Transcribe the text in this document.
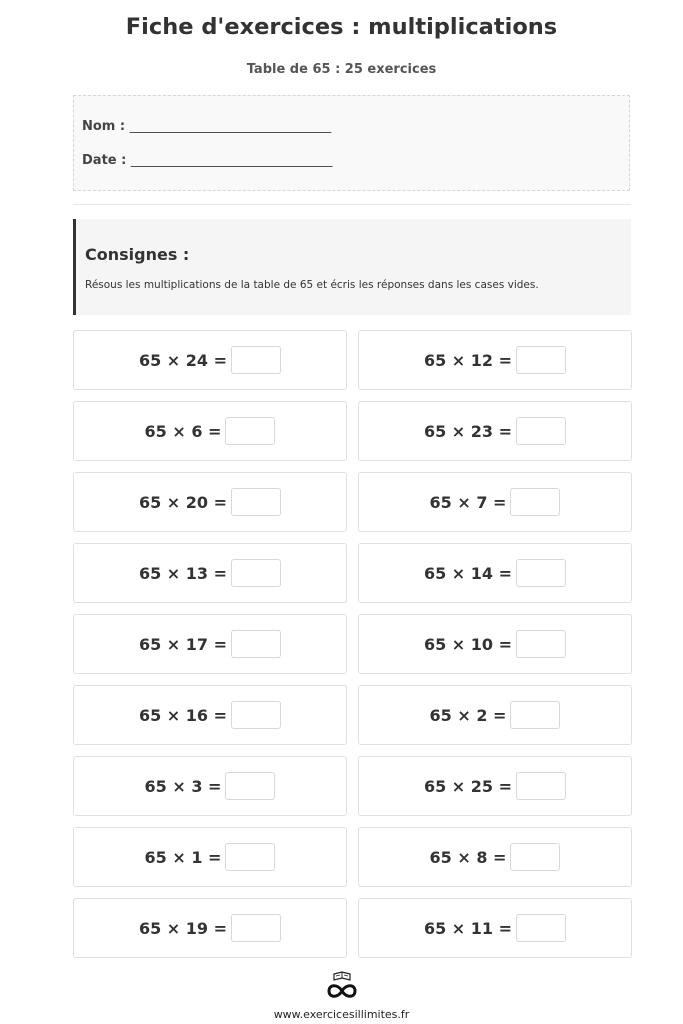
Fiche d'exercices : multiplications
Table de 65 : 25 exercices
Nom : _______________________________
Date : _______________________________
Consignes :
Résous les multiplications de la table de 65 et écris les réponses dans les cases vides.
65 × 24 =	65 × 12 =
65 × 6 =	65 × 23 =
65 × 20 =	65 × 7 =
65 × 13 =	65 × 14 =
65 × 17 =	65 × 10 =
65 × 16 =	65 × 2 =
65 × 3 =	65 × 25 =
65 × 1 =	65 × 8 =
65 × 19 =	65 × 11 =
www.exercicesillimites.fr
